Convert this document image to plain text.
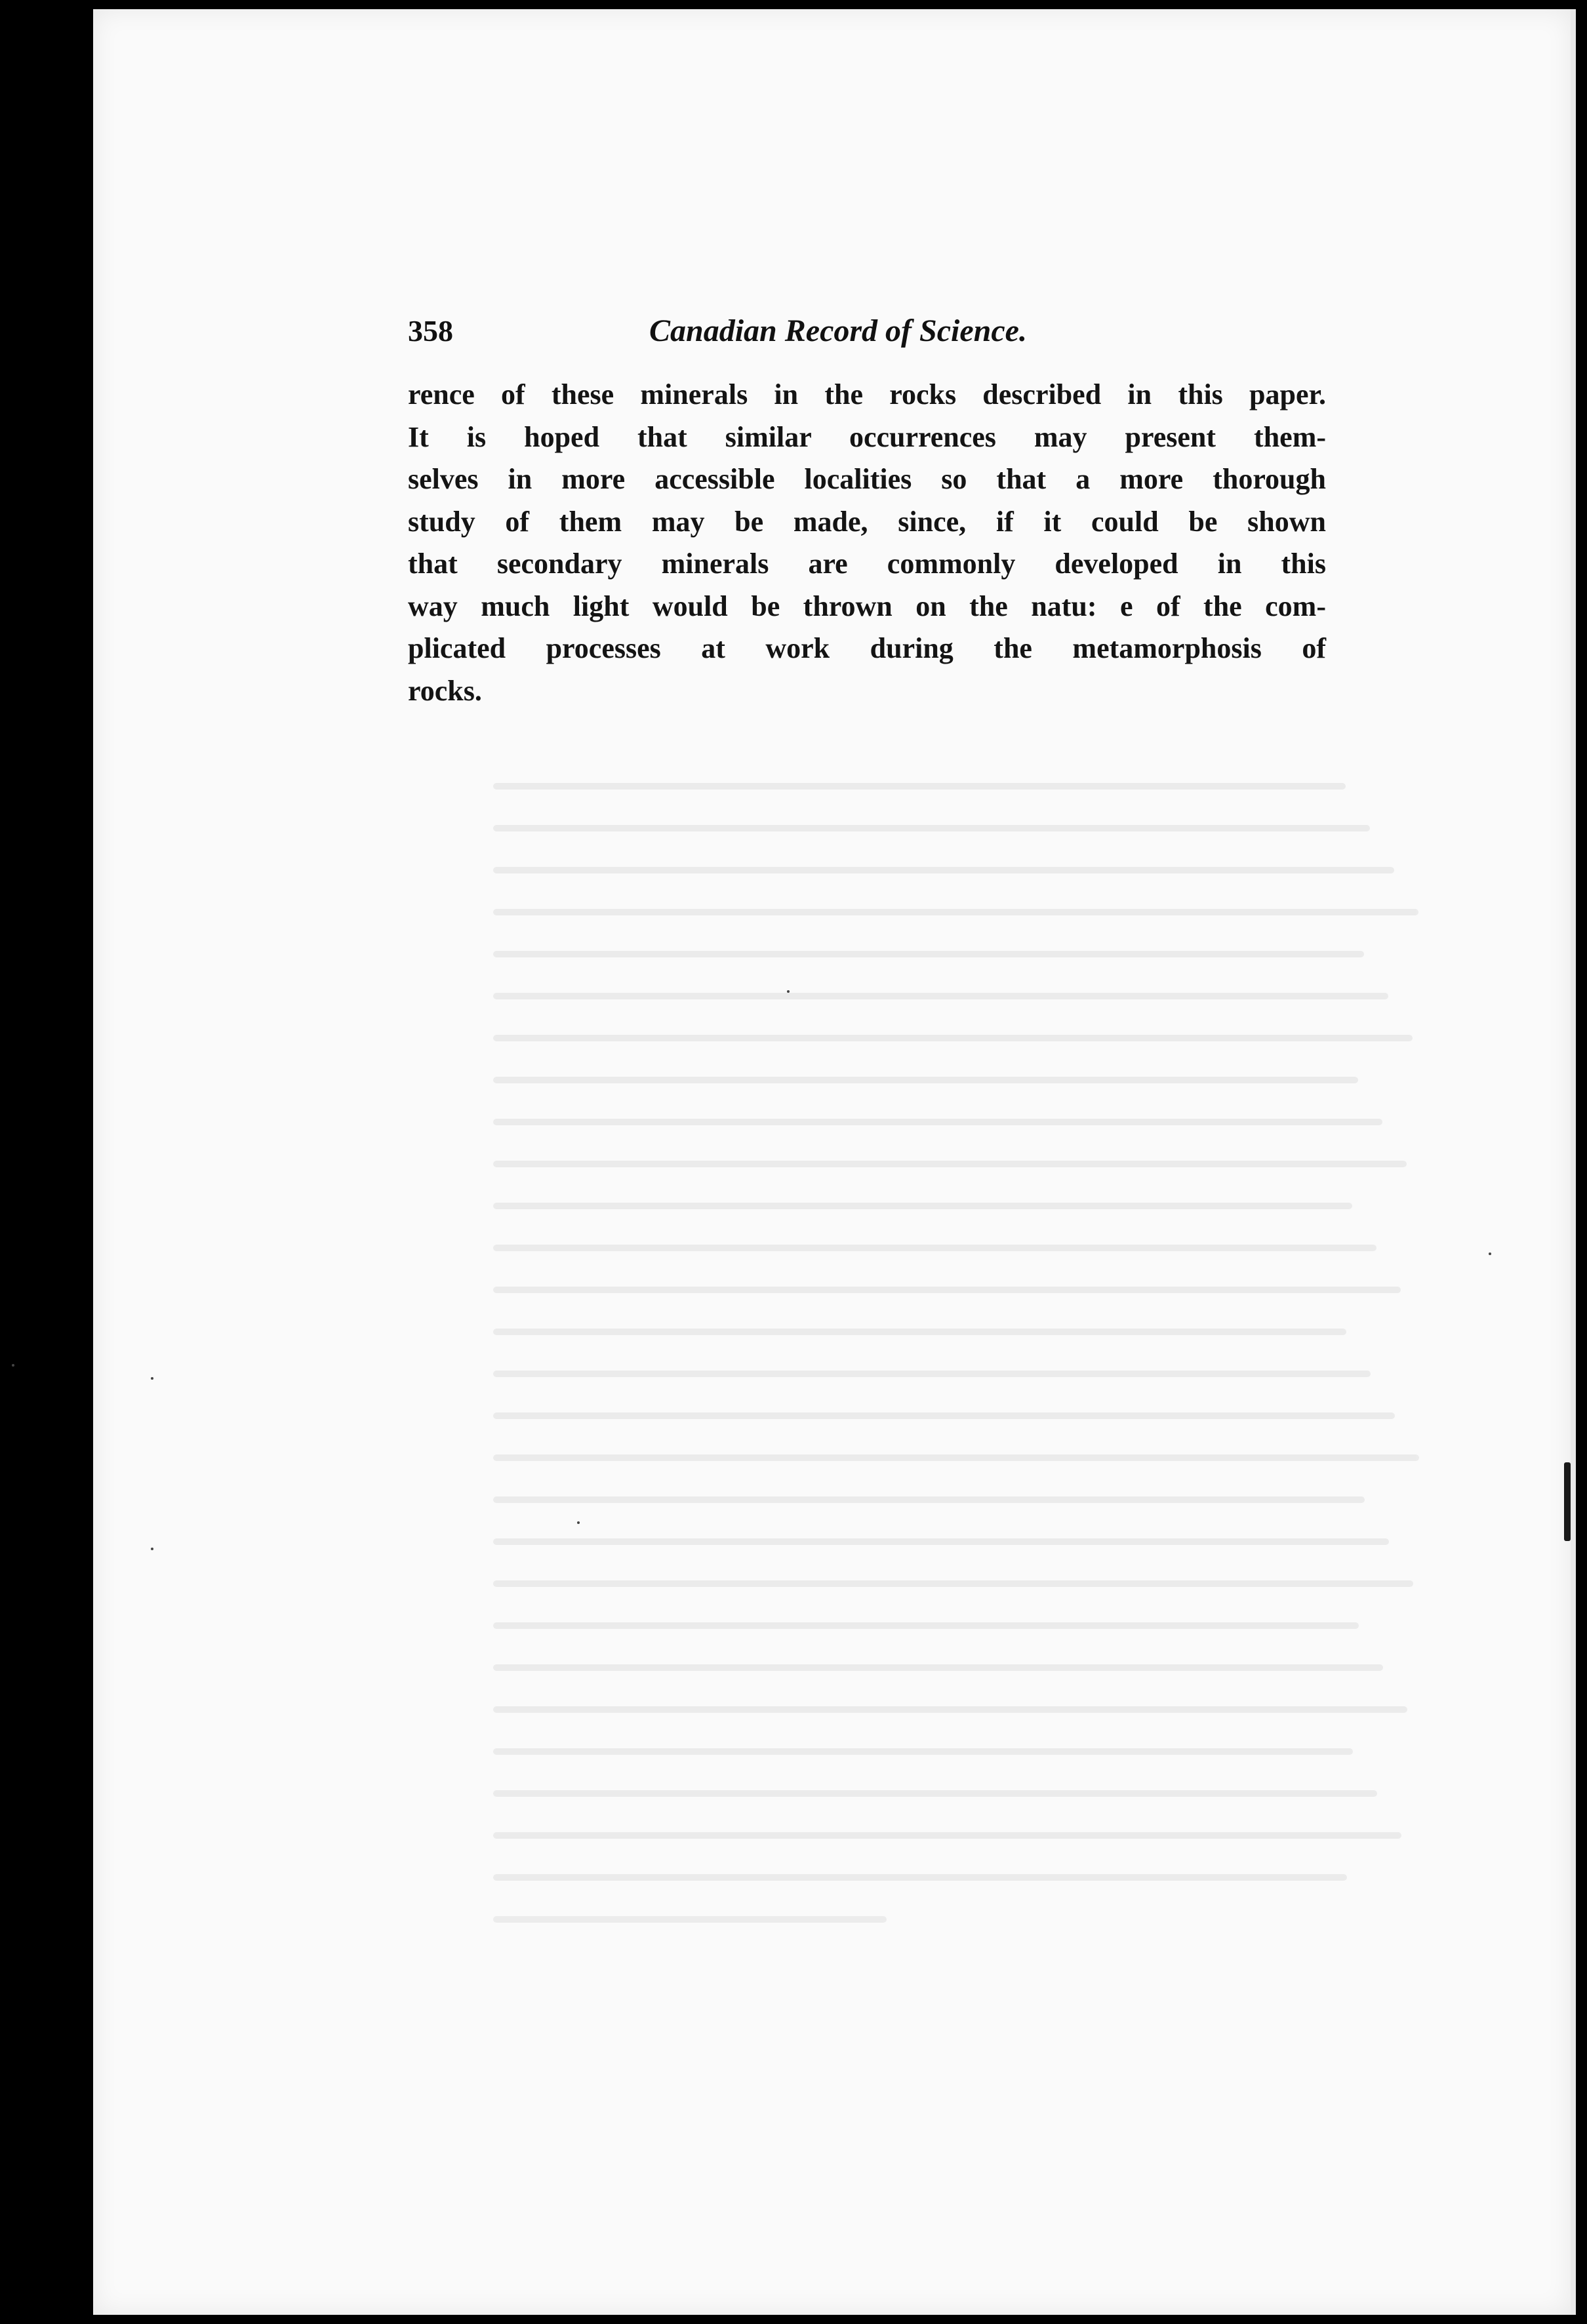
358	Canadian Record of Science.
rence of these minerals in the rocks described in this paper.
It is hoped that similar occurrences may present them-
selves in more accessible localities so that a more thorough
study of them may be made, since, if it could be shown
that secondary minerals are commonly developed in this
way much light would be thrown on the natu: e of the com-
plicated processes at work during the metamorphosis of
rocks.
